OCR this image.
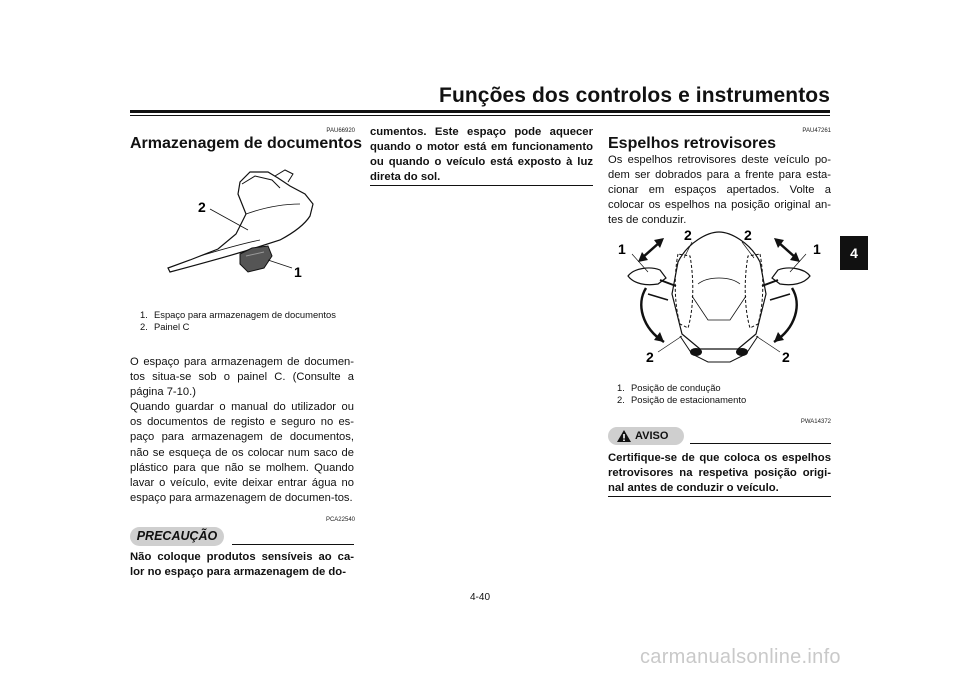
Funções dos controlos e instrumentos
4
PAU66920
Armazenagem de documentos
2
1
1. Espaço para armazenagem de documentos
2. Painel C

O espaço para armazenagem de documen-tos situa-se sob o painel C. (Consulte a página 7-10.)

Quando guardar o manual do utilizador ou os documentos de registo e seguro no es-paço para armazenagem de documentos, não se esqueça de os colocar num saco de plástico para que não se molhem. Quando lavar o veículo, evite deixar entrar água no espaço para armazenagem de documen-tos.

PCA22540
PRECAUÇÃO
Não coloque produtos sensíveis ao ca-lor no espaço para armazenagem de do-
cumentos. Este espaço pode aquecer quando o motor está em funcionamento ou quando o veículo está exposto à luz direta do sol.
PAU47261
Espelhos retrovisores
Os espelhos retrovisores deste veículo po-dem ser dobrados para a frente para esta-cionar em espaços apertados. Volte a colocar os espelhos na posição original an-tes de conduzir.
1	1
2	2
2	2
1. Posição de condução
2. Posição de estacionamento
PWA14372
AVISO
Certifique-se de que coloca os espelhos retrovisores na respetiva posição origi-nal antes de conduzir o veículo.
4-40
carmanualsonline.info
